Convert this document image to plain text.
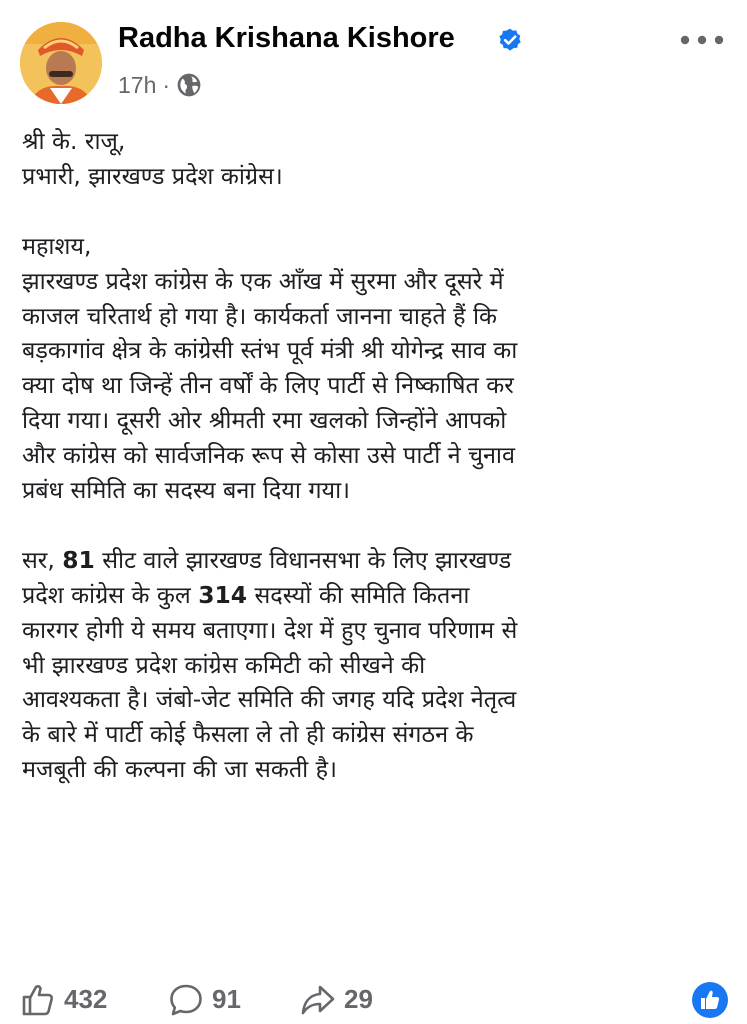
Radha Krishana Kishore
17h ·

श्री के. राजू,
प्रभारी, झारखण्ड प्रदेश कांग्रेस।

महाशय,
झारखण्ड प्रदेश कांग्रेस के एक आँख में सुरमा और दूसरे में
काजल चरितार्थ हो गया है। कार्यकर्ता जानना चाहते हैं कि
बड़कागांव क्षेत्र के कांग्रेसी स्तंभ पूर्व मंत्री श्री योगेन्द्र साव का
क्या दोष था जिन्हें तीन वर्षों के लिए पार्टी से निष्काषित कर
दिया गया। दूसरी ओर श्रीमती रमा खलको जिन्होंने आपको
और कांग्रेस को सार्वजनिक रूप से कोसा उसे पार्टी ने चुनाव
प्रबंध समिति का सदस्य बना दिया गया।

सर, 81 सीट वाले झारखण्ड विधानसभा के लिए झारखण्ड
प्रदेश कांग्रेस के कुल 314 सदस्यों की समिति कितना
कारगर होगी ये समय बताएगा। देश में हुए चुनाव परिणाम से
भी झारखण्ड प्रदेश कांग्रेस कमिटी को सीखने की
आवश्यकता है। जंबो-जेट समिति की जगह यदि प्रदेश नेतृत्व
के बारे में पार्टी कोई फैसला ले तो ही कांग्रेस संगठन के
मजबूती की कल्पना की जा सकती है।

432	91	29
